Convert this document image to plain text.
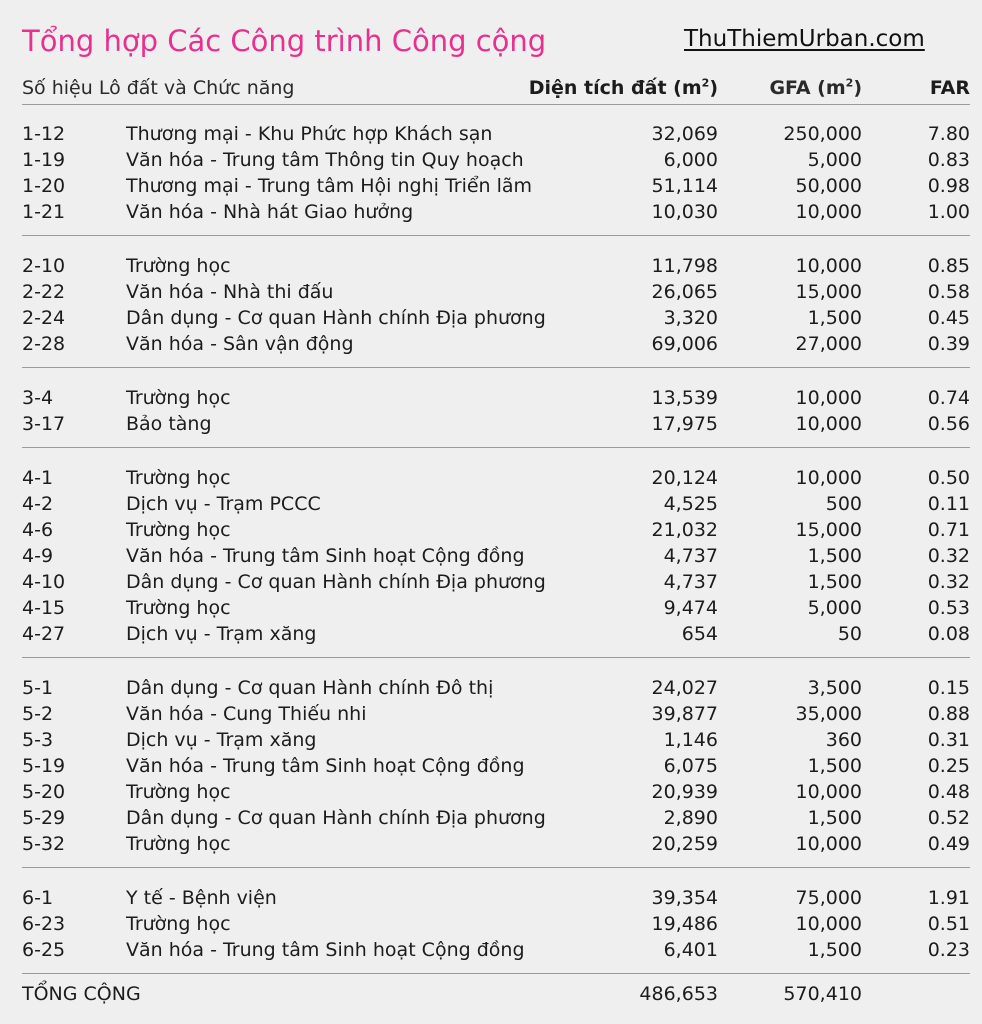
Tổng hợp Các Công trình Công cộng	ThuThiemUrban.com
Số hiệu Lô đất và Chức năng	Diện tích đất $(m^2)$	GFA $(m^2)$	FAR
1-12	Thương mại - Khu Phức hợp Khách sạn	32,069	250,000	7.80
1-19	Văn hóa - Trung tâm Thông tin Quy hoạch	6,000	5,000	0.83
1-20	Thương mại - Trung tâm Hội nghị Triển lãm	51,114	50,000	0.98
1-21	Văn hóa - Nhà hát Giao hưởng	10,030	10,000	1.00
2-10	Trường học	11,798	10,000	0.85
2-22	Văn hóa - Nhà thi đấu	26,065	15,000	0.58
2-24	Dân dụng - Cơ quan Hành chính Địa phương	3,320	1,500	0.45
2-28	Văn hóa - Sân vận động	69,006	27,000	0.39
3-4	Trường học	13,539	10,000	0.74
3-17	Bảo tàng	17,975	10,000	0.56
4-1	Trường học	20,124	10,000	0.50
4-2	Dịch vụ - Trạm PCCC	4,525	500	0.11
4-6	Trường học	21,032	15,000	0.71
4-9	Văn hóa - Trung tâm Sinh hoạt Cộng đồng	4,737	1,500	0.32
4-10	Dân dụng - Cơ quan Hành chính Địa phương	4,737	1,500	0.32
4-15	Trường học	9,474	5,000	0.53
4-27	Dịch vụ - Trạm xăng	654	50	0.08
5-1	Dân dụng - Cơ quan Hành chính Đô thị	24,027	3,500	0.15
5-2	Văn hóa - Cung Thiếu nhi	39,877	35,000	0.88
5-3	Dịch vụ - Trạm xăng	1,146	360	0.31
5-19	Văn hóa - Trung tâm Sinh hoạt Cộng đồng	6,075	1,500	0.25
5-20	Trường học	20,939	10,000	0.48
5-29	Dân dụng - Cơ quan Hành chính Địa phương	2,890	1,500	0.52
5-32	Trường học	20,259	10,000	0.49
6-1	Y tế - Bệnh viện	39,354	75,000	1.91
6-23	Trường học	19,486	10,000	0.51
6-25	Văn hóa - Trung tâm Sinh hoạt Cộng đồng	6,401	1,500	0.23
TỔNG CỘNG	486,653	570,410
